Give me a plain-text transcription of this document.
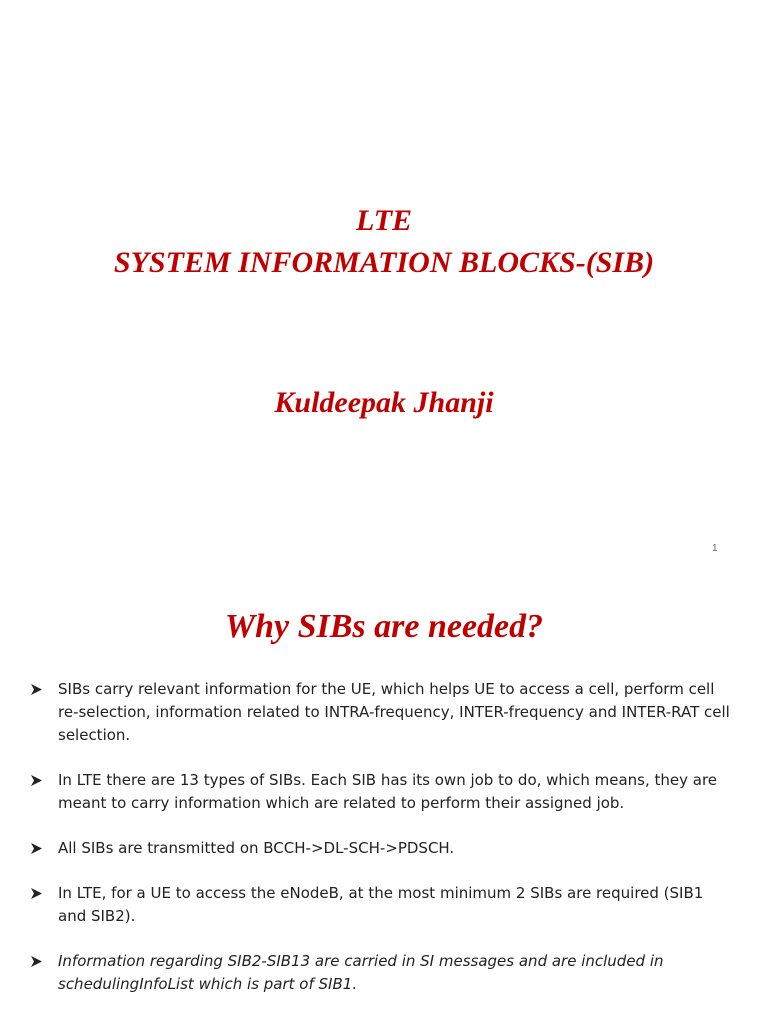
LTE
SYSTEM INFORMATION BLOCKS-(SIB)
Kuldeepak Jhanji
1
Why SIBs are needed?
SIBs carry relevant information for the UE, which helps UE to access a cell, perform cell re-selection, information related to INTRA-frequency, INTER-frequency and INTER-RAT cell selection.
In LTE there are 13 types of SIBs. Each SIB has its own job to do, which means, they are meant to carry information which are related to perform their assigned job.
All SIBs are transmitted on BCCH->DL-SCH->PDSCH.
In LTE, for a UE to access the eNodeB, at the most minimum 2 SIBs are required (SIB1 and SIB2).
Information regarding SIB2-SIB13 are carried in SI messages and are included in schedulingInfoList which is part of SIB1.
